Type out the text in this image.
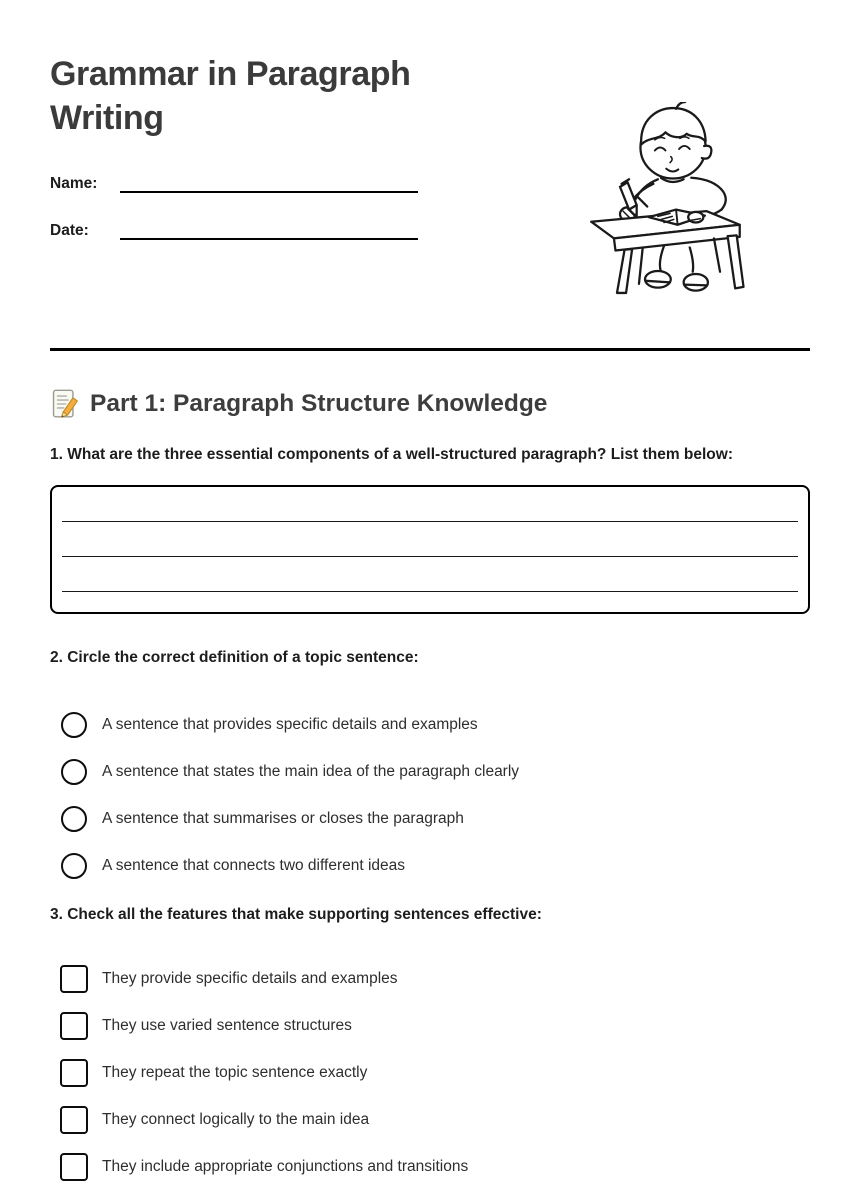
Grammar in Paragraph Writing
Name:
Date:
Part 1: Paragraph Structure Knowledge

1. What are the three essential components of a well-structured paragraph? List them below:

2. Circle the correct definition of a topic sentence:

A sentence that provides specific details and examples
A sentence that states the main idea of the paragraph clearly
A sentence that summarises or closes the paragraph
A sentence that connects two different ideas

3. Check all the features that make supporting sentences effective:

They provide specific details and examples
They use varied sentence structures
They repeat the topic sentence exactly
They connect logically to the main idea
They include appropriate conjunctions and transitions
